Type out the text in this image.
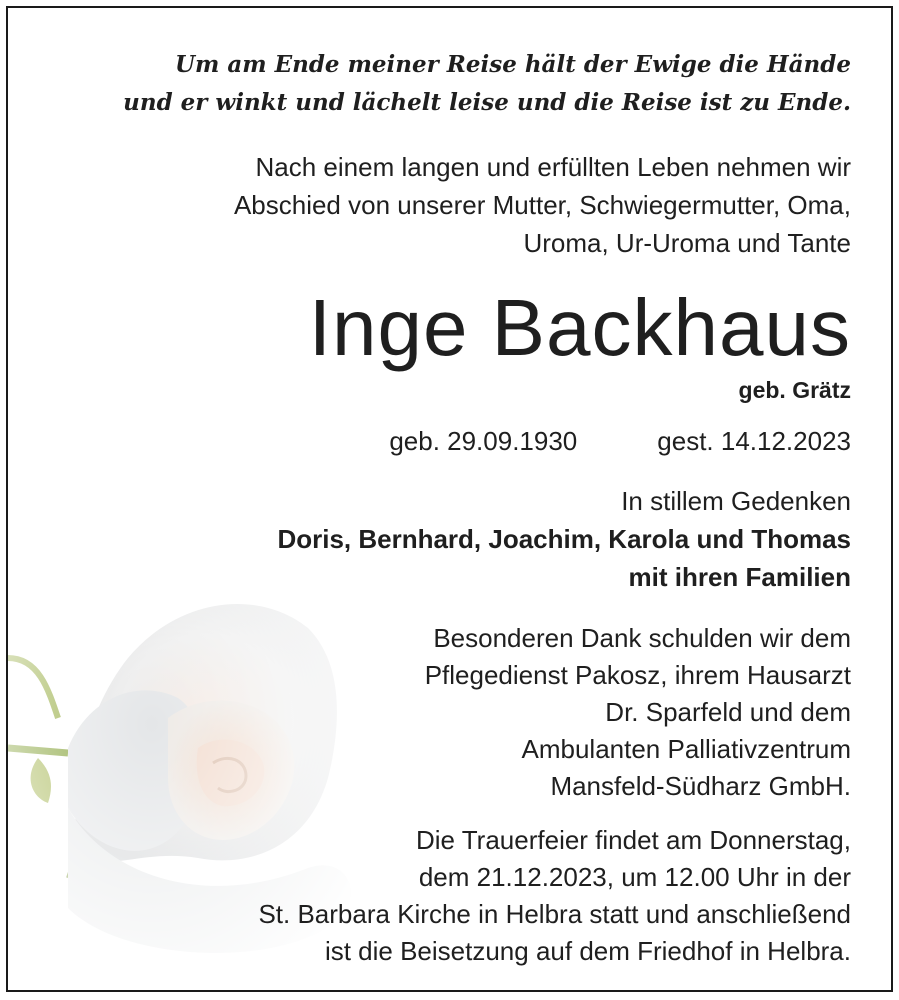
Um am Ende meiner Reise hält der Ewige die Hände
und er winkt und lächelt leise und die Reise ist zu Ende.
Nach einem langen und erfüllten Leben nehmen wir
Abschied von unserer Mutter, Schwiegermutter, Oma,
Uroma, Ur-Uroma und Tante
Inge Backhaus
geb. Grätz
geb. 29.09.1930	gest. 14.12.2023
In stillem Gedenken
Doris, Bernhard, Joachim, Karola und Thomas
mit ihren Familien
Besonderen Dank schulden wir dem
Pflegedienst Pakosz, ihrem Hausarzt
Dr. Sparfeld und dem
Ambulanten Palliativzentrum
Mansfeld-Südharz GmbH.
Die Trauerfeier findet am Donnerstag,
dem 21.12.2023, um 12.00 Uhr in der
St. Barbara Kirche in Helbra statt und anschließend
ist die Beisetzung auf dem Friedhof in Helbra.
